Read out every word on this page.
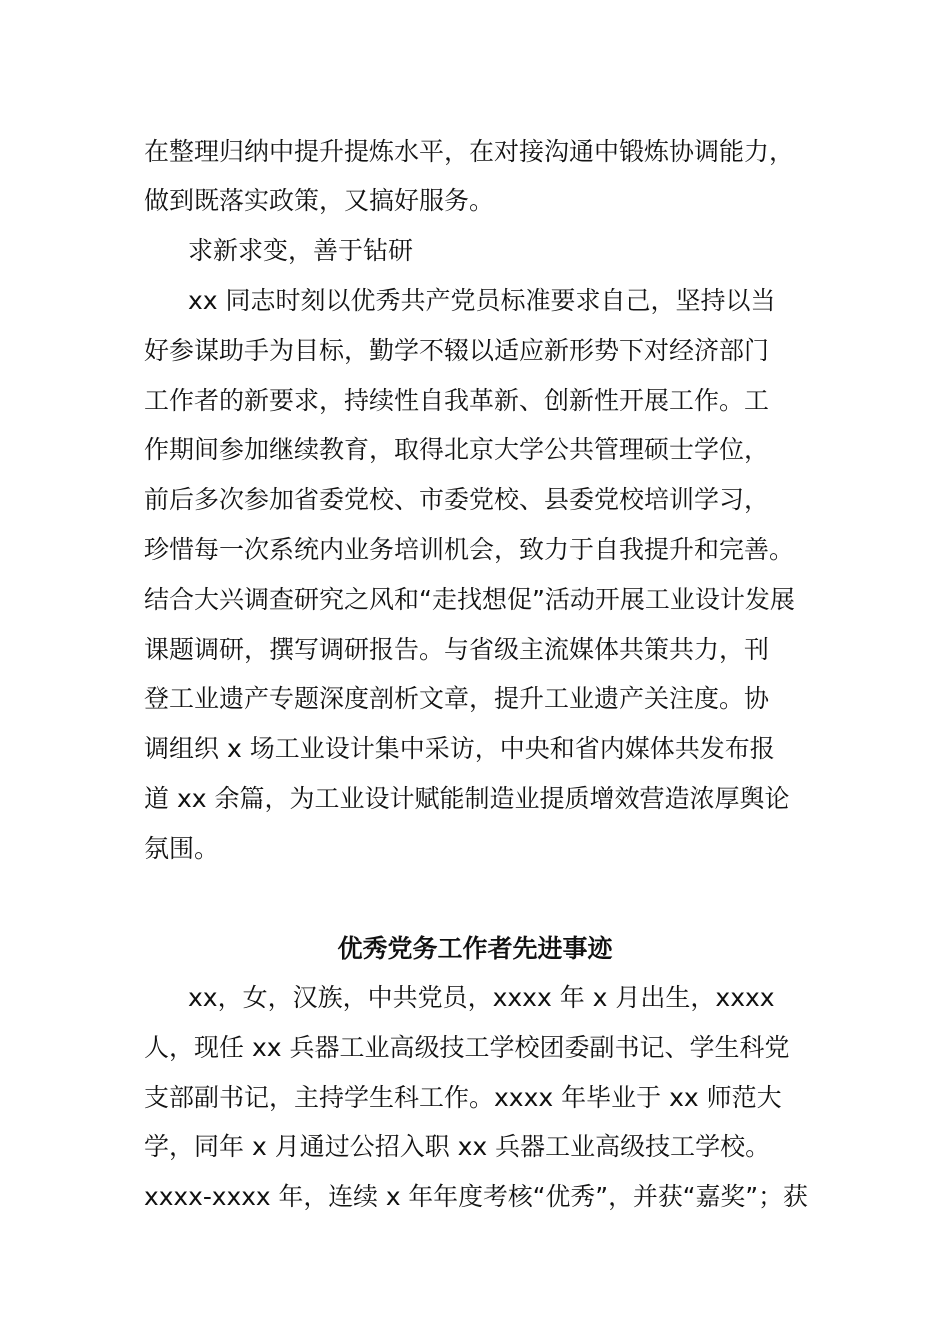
在整理归纳中提升提炼水平，在对接沟通中锻炼协调能力，
做到既落实政策，又搞好服务。
求新求变，善于钻研
xx 同志时刻以优秀共产党员标准要求自己，坚持以当
好参谋助手为目标，勤学不辍以适应新形势下对经济部门
工作者的新要求，持续性自我革新、创新性开展工作。工
作期间参加继续教育，取得北京大学公共管理硕士学位，
前后多次参加省委党校、市委党校、县委党校培训学习，
珍惜每一次系统内业务培训机会，致力于自我提升和完善。
结合大兴调查研究之风和“走找想促”活动开展工业设计发展
课题调研，撰写调研报告。与省级主流媒体共策共力，刊
登工业遗产专题深度剖析文章，提升工业遗产关注度。协
调组织 x 场工业设计集中采访，中央和省内媒体共发布报
道 xx 余篇，为工业设计赋能制造业提质增效营造浓厚舆论
氛围。
优秀党务工作者先进事迹
xx，女，汉族，中共党员，xxxx 年 x 月出生，xxxx
人，现任 xx 兵器工业高级技工学校团委副书记、学生科党
支部副书记，主持学生科工作。xxxx 年毕业于 xx 师范大
学，同年 x 月通过公招入职 xx 兵器工业高级技工学校。
xxxx-xxxx 年，连续 x 年年度考核“优秀”，并获“嘉奖”；获
